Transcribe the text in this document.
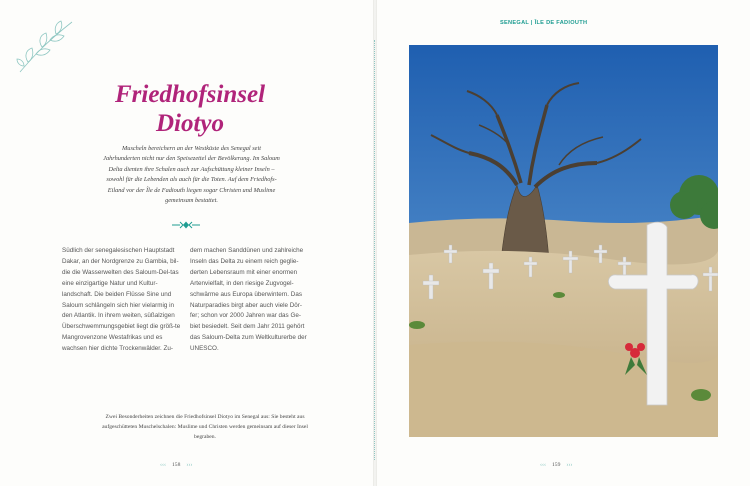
Friedhofsinsel
Diotyo

Muscheln bereichern an der Westküste des Senegal seit Jahrhunderten nicht nur den Speisezettel der Bevölkerung. Im Saloum Delta dienten ihre Schalen auch zur Aufschüttung kleiner Inseln – sowohl für die Lebenden als auch für die Toten. Auf dem Friedhofs-Eiland vor der Île de Fadiouth liegen sogar Christen und Muslime gemeinsam bestattet.

Südlich der senegalesischen Hauptstadt Dakar, an der Nordgrenze zu Gambia, bil-die die Wasserwelten des Saloum-Del-tas eine einzigartige Natur und Kultur-landschaft. Die beiden Flüsse Sine und Saloum schlängeln sich hier vielarmig in den Atlantik. In ihrem weiten, süßalzigen Überschwemmungsgebiet liegt die größ-te Mangrovenzone Westafrikas und es wachsen hier dichte Trockenwälder. Zu-

dem machen Sanddünen und zahlreiche Inseln das Delta zu einem reich geglie-derten Lebensraum mit einer enormen Artenvielfalt, in den riesige Zugvogel-schwärme aus Europa überwintern. Das Naturparadies birgt aber auch viele Dör-fer; schon vor 2000 Jahren war das Ge-biet besiedelt. Seit dem Jahr 2011 gehört das Saloum-Delta zum Weltkulturerbe der UNESCO.

Zwei Besonderheiten zeichnen die Friedhofsinsel Diotyo im Senegal aus: Sie besteht aus aufgeschütteten Muschelschalen: Muslime und Christen werden gemeinsam auf dieser Insel begraben.

‹‹‹ 158 ›››
SENEGAL | ÎLE DE FADIOUTH
‹‹‹ 159 ›››
